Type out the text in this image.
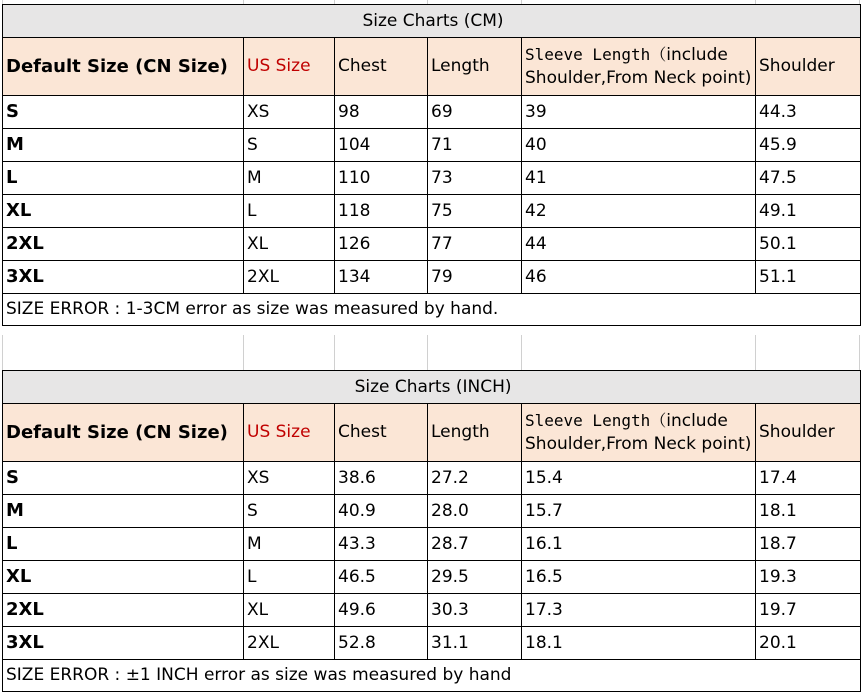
Size Charts (CM)					
Default Size (CN Size)	US Size	Chest	Length	Sleeve Length（include Shoulder,From Neck point)	Shoulder
S	XS	98	69	39	44.3
M	S	104	71	40	45.9
L	M	110	73	41	47.5
XL	L	118	75	42	49.1
2XL	XL	126	77	44	50.1
3XL	2XL	134	79	46	51.1
SIZE ERROR : 1-3CM error as size was measured by hand.					
Size Charts (INCH)					
Default Size (CN Size)	US Size	Chest	Length	Sleeve Length（include Shoulder,From Neck point)	Shoulder
S	XS	38.6	27.2	15.4	17.4
M	S	40.9	28.0	15.7	18.1
L	M	43.3	28.7	16.1	18.7
XL	L	46.5	29.5	16.5	19.3
2XL	XL	49.6	30.3	17.3	19.7
3XL	2XL	52.8	31.1	18.1	20.1
SIZE ERROR : ±1 INCH error as size was measured by hand					
